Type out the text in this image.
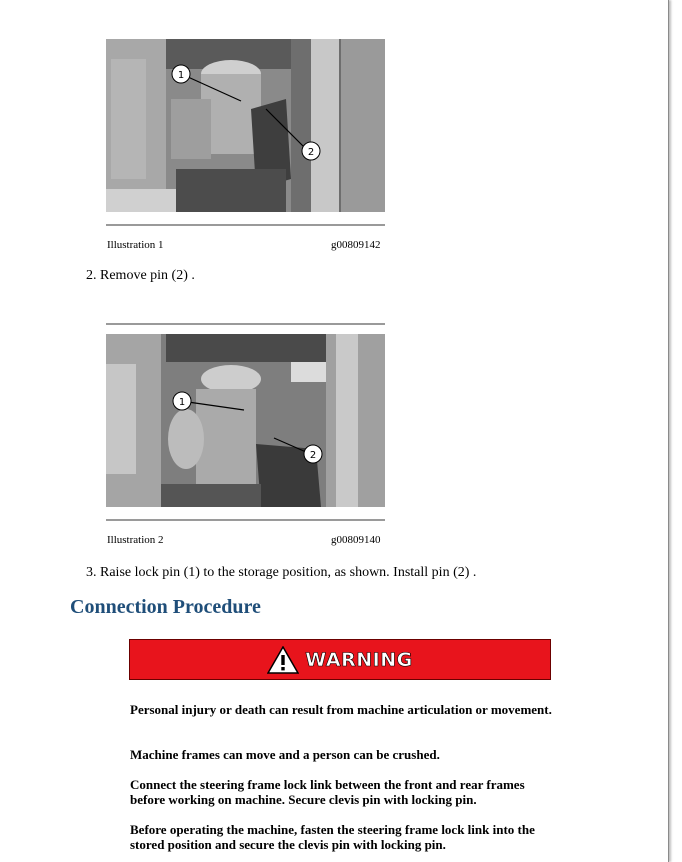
1
2
Illustration 1	g00809142
2. Remove pin (2) .
1
2
Illustration 2	g00809140
3. Raise lock pin (1) to the storage position, as shown. Install pin (2) .
Connection Procedure
WARNING
Personal injury or death can result from machine articulation or movement.
Machine frames can move and a person can be crushed.
Connect the steering frame lock link between the front and rear frames before working on machine. Secure clevis pin with locking pin.
Before operating the machine, fasten the steering frame lock link into the stored position and secure the clevis pin with locking pin.
